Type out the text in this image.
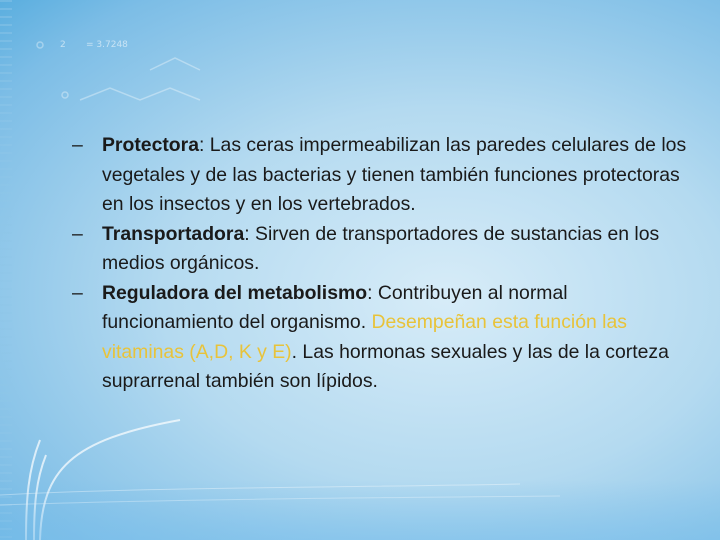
2 = 3.7248

– Protectora: Las ceras impermeabilizan las paredes celulares de los vegetales y de las bacterias y tienen también funciones protectoras en los insectos y en los vertebrados.

– Transportadora: Sirven de transportadores de sustancias en los medios orgánicos.

– Reguladora del metabolismo: Contribuyen al normal funcionamiento del organismo. Desempeñan esta función las vitaminas (A,D, K y E). Las hormonas sexuales y las de la corteza suprarrenal también son lípidos.
